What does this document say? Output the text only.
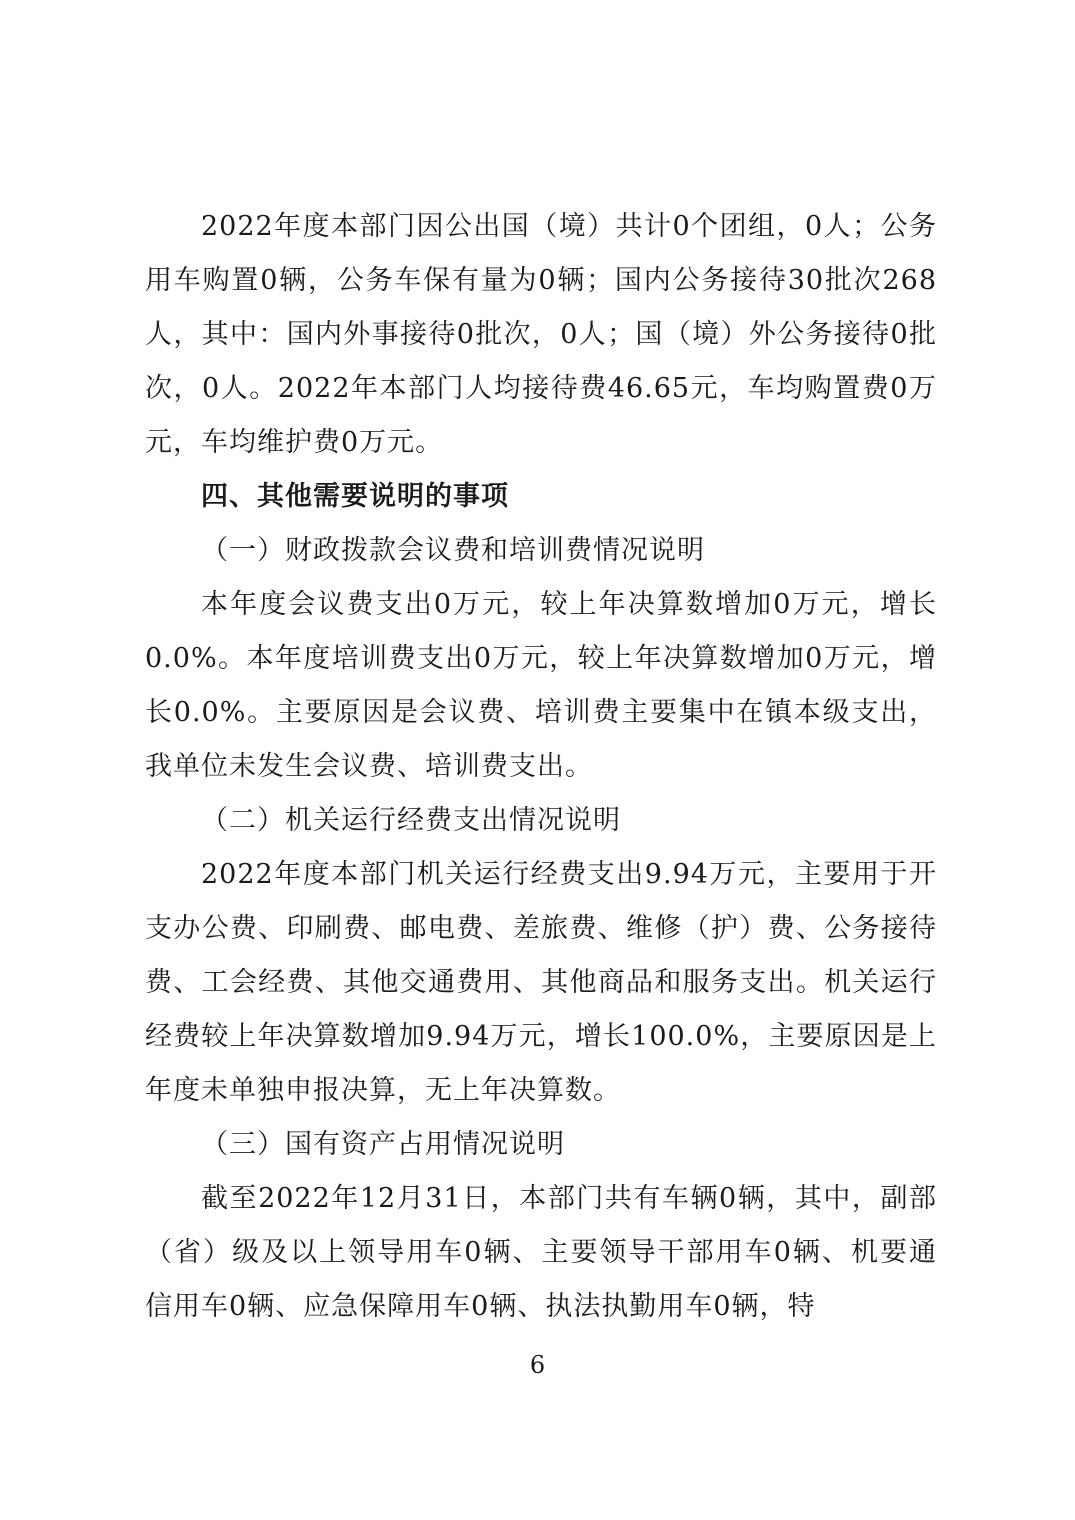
2022年度本部门因公出国（境）共计0个团组，0人；公务用车购置0辆，公务车保有量为0辆；国内公务接待30批次268人，其中：国内外事接待0批次，0人；国（境）外公务接待0批次，0人。2022年本部门人均接待费46.65元，车均购置费0万元，车均维护费0万元。

四、其他需要说明的事项

（一）财政拨款会议费和培训费情况说明

本年度会议费支出0万元，较上年决算数增加0万元，增长0.0%。本年度培训费支出0万元，较上年决算数增加0万元，增长0.0%。主要原因是会议费、培训费主要集中在镇本级支出，我单位未发生会议费、培训费支出。

（二）机关运行经费支出情况说明

2022年度本部门机关运行经费支出9.94万元，主要用于开支办公费、印刷费、邮电费、差旅费、维修（护）费、公务接待费、工会经费、其他交通费用、其他商品和服务支出。机关运行经费较上年决算数增加9.94万元，增长100.0%，主要原因是上年度未单独申报决算，无上年决算数。

（三）国有资产占用情况说明

截至2022年12月31日，本部门共有车辆0辆，其中，副部（省）级及以上领导用车0辆、主要领导干部用车0辆、机要通信用车0辆、应急保障用车0辆、执法执勤用车0辆，特

6
